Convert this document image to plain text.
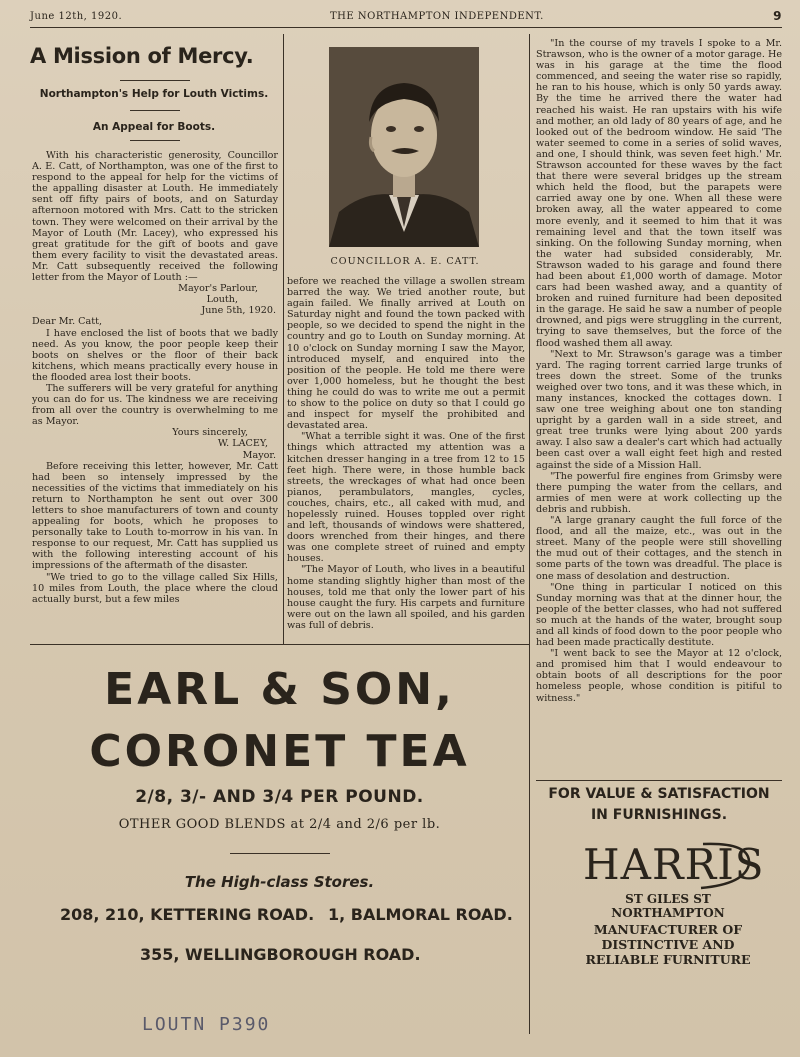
June 12th, 1920.	THE NORTHAMPTON INDEPENDENT.	9
A Mission of Mercy.
Northampton's Help for Louth Victims.
An Appeal for Boots.

With his characteristic generosity, Councillor A. E. Catt, of Northampton, was one of the first to respond to the appeal for help for the victims of the appalling disaster at Louth. He immediately sent off fifty pairs of boots, and on Saturday afternoon motored with Mrs. Catt to the stricken town. They were welcomed on their arrival by the Mayor of Louth (Mr. Lacey), who expressed his great gratitude for the gift of boots and gave them every facility to visit the devastated areas. Mr. Catt subsequently received the following letter from the Mayor of Louth :—

Mayor's Parlour,
Louth,
June 5th, 1920.

Dear Mr. Catt,

I have enclosed the list of boots that we badly need. As you know, the poor people keep their boots on shelves or the floor of their back kitchens, which means practically every house in the flooded area lost their boots.

The sufferers will be very grateful for anything you can do for us. The kindness we are receiving from all over the country is overwhelming to me as Mayor.

Yours sincerely,
W. LACEY,
Mayor.

Before receiving this letter, however, Mr. Catt had been so intensely impressed by the necessities of the victims that immediately on his return to Northampton he sent out over 300 letters to shoe manufacturers of town and county appealing for boots, which he proposes to personally take to Louth to-morrow in his van. In response to our request, Mr. Catt has supplied us with the following interesting account of his impressions of the aftermath of the disaster.

"We tried to go to the village called Six Hills, 10 miles from Louth, the place where the cloud actually burst, but a few miles

COUNCILLOR A. E. CATT.

before we reached the village a swollen stream barred the way. We tried another route, but again failed. We finally arrived at Louth on Saturday night and found the town packed with people, so we decided to spend the night in the country and go to Louth on Sunday morning. At 10 o'clock on Sunday morning I saw the Mayor, introduced myself, and enquired into the position of the people. He told me there were over 1,000 homeless, but he thought the best thing he could do was to write me out a permit to show to the police on duty so that I could go and inspect for myself the prohibited and devastated area.

"What a terrible sight it was. One of the first things which attracted my attention was a kitchen dresser hanging in a tree from 12 to 15 feet high. There were, in those humble back streets, the wreckages of what had once been pianos, perambulators, mangles, cycles, couches, chairs, etc., all caked with mud, and hopelessly ruined. Houses toppled over right and left, thousands of windows were shattered, doors wrenched from their hinges, and there was one complete street of ruined and empty houses.

"The Mayor of Louth, who lives in a beautiful home standing slightly higher than most of the houses, told me that only the lower part of his house caught the fury. His carpets and furniture were out on the lawn all spoiled, and his garden was full of debris.

"In the course of my travels I spoke to a Mr. Strawson, who is the owner of a motor garage. He was in his garage at the time the flood commenced, and seeing the water rise so rapidly, he ran to his house, which is only 50 yards away. By the time he arrived there the water had reached his waist. He ran upstairs with his wife and mother, an old lady of 80 years of age, and he looked out of the bedroom window. He said 'The water seemed to come in a series of solid waves, and one, I should think, was seven feet high.' Mr. Strawson accounted for these waves by the fact that there were several bridges up the stream which held the flood, but the parapets were carried away one by one. When all these were broken away, all the water appeared to come more evenly, and it seemed to him that it was remaining level and that the town itself was sinking. On the following Sunday morning, when the water had subsided considerably, Mr. Strawson waded to his garage and found there had been about £1,000 worth of damage. Motor cars had been washed away, and a quantity of broken and ruined furniture had been deposited in the garage. He said he saw a number of people drowned, and pigs were struggling in the current, trying to save themselves, but the force of the flood washed them all away.

"Next to Mr. Strawson's garage was a timber yard. The raging torrent carried large trunks of trees down the street. Some of the trunks weighed over two tons, and it was these which, in many instances, knocked the cottages down. I saw one tree weighing about one ton standing upright by a garden wall in a side street, and great tree trunks were lying about 200 yards away. I also saw a dealer's cart which had actually been cast over a wall eight feet high and rested against the side of a Mission Hall.

"The powerful fire engines from Grimsby were there pumping the water from the cellars, and armies of men were at work collecting up the debris and rubbish.

"A large granary caught the full force of the flood, and all the maize, etc., was out in the street. Many of the people were still shovelling the mud out of their cottages, and the stench in some parts of the town was dreadful. The place is one mass of desolation and destruction.

"One thing in particular I noticed on this Sunday morning was that at the dinner hour, the people of the better classes, who had not suffered so much at the hands of the water, brought soup and all kinds of food down to the poor people who had been made practically destitute.

"I went back to see the Mayor at 12 o'clock, and promised him that I would endeavour to obtain boots of all descriptions for the poor homeless people, whose condition is pitiful to witness."

EARL & SON,
CORONET TEA
2/8, 3/- AND 3/4 PER POUND.
OTHER GOOD BLENDS at 2/4 and 2/6 per lb.
The High-class Stores.
208, 210, KETTERING ROAD. 1, BALMORAL ROAD.
355, WELLINGBOROUGH ROAD.
FOR VALUE & SATISFACTION
IN FURNISHINGS.
HARRIS
ST GILES ST
NORTHAMPTON
MANUFACTURER OF
DISTINCTIVE AND
RELIABLE FURNITURE
LOUTN P390
